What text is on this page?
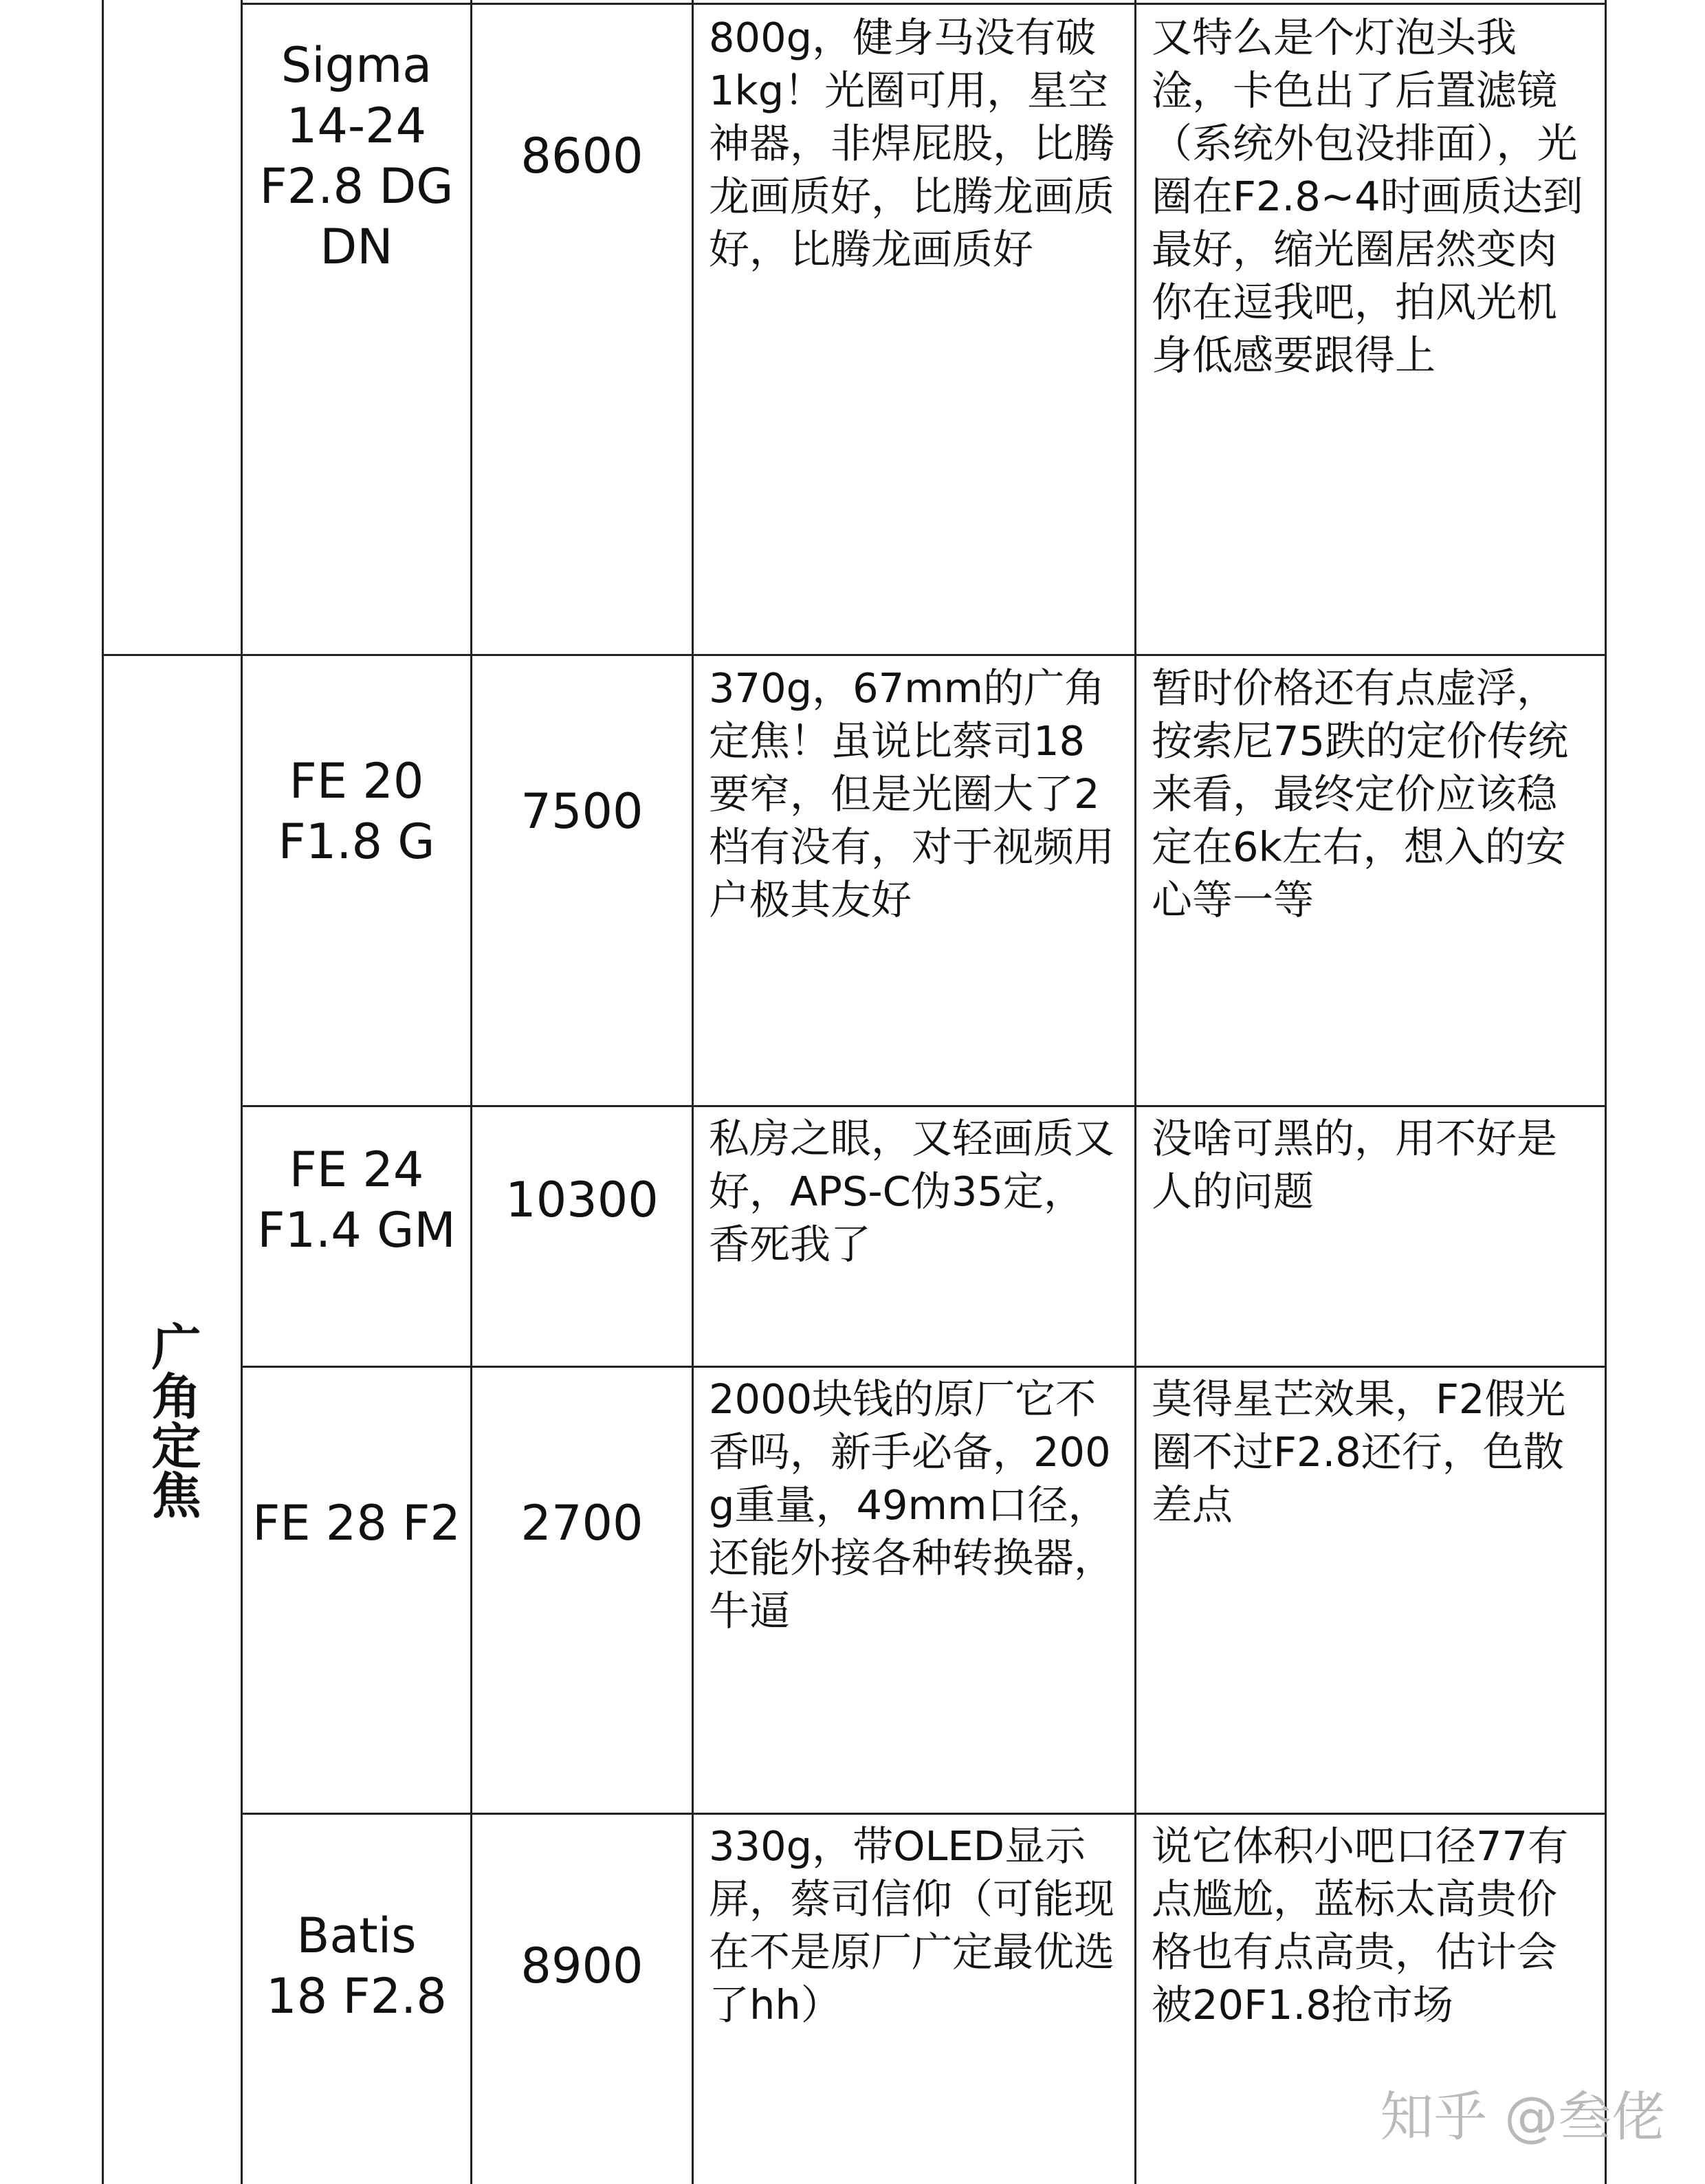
广角定焦
Sigma
14-24
F2.8 DG
DN
8600
800g，健身马没有破1kg！光圈可用，星空神器，非焊屁股，比腾龙画质好，比腾龙画质好，比腾龙画质好
又特么是个灯泡头我淦，卡色出了后置滤镜（系统外包没排面），光圈在F2.8~4时画质达到最好，缩光圈居然变肉你在逗我吧，拍风光机身低感要跟得上
FE 20
F1.8 G
7500
370g，67mm的广角定焦！虽说比蔡司18要窄，但是光圈大了2档有没有，对于视频用户极其友好
暂时价格还有点虚浮，按索尼75跌的定价传统来看，最终定价应该稳定在6k左右，想入的安心等一等
FE 24
F1.4 GM
10300
私房之眼，又轻画质又好，APS-C伪35定，香死我了
没啥可黑的，用不好是人的问题
FE 28 F2	2700
2000块钱的原厂它不香吗，新手必备，200g重量，49mm口径，还能外接各种转换器，牛逼
莫得星芒效果，F2假光圈不过F2.8还行，色散差点
Batis
18 F2.8
8900
330g，带OLED显示屏，蔡司信仰（可能现在不是原厂广定最优选了hh）
说它体积小吧口径77有点尴尬，蓝标太高贵价格也有点高贵，估计会被20F1.8抢市场
知乎 @叁佬
